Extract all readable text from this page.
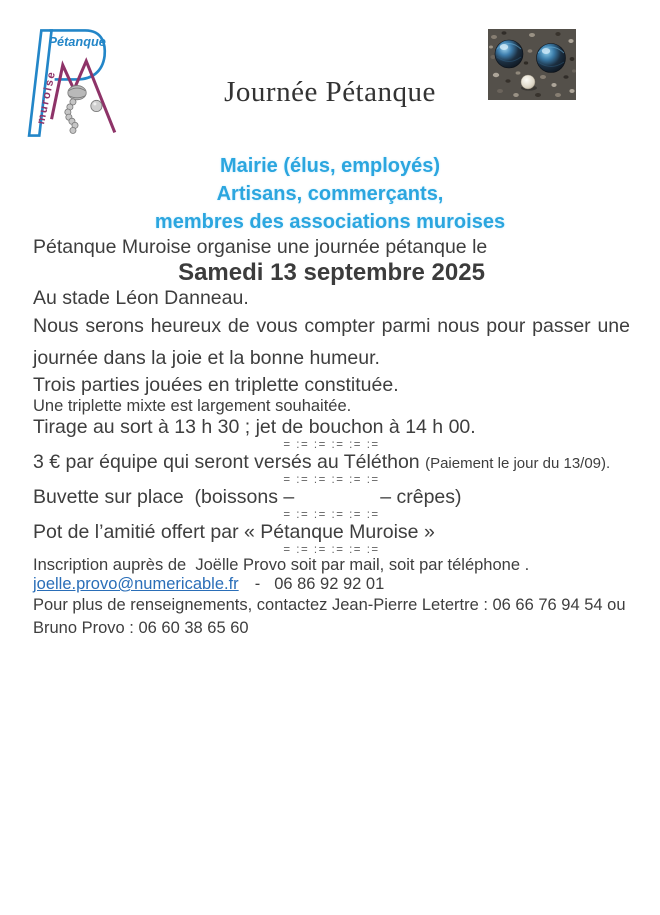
Pétanque
muroise	Journée Pétanque
Mairie (élus, employés)
Artisans, commerçants,
membres des associations muroises

Pétanque Muroise organise une journée pétanque le

Samedi 13 septembre 2025

Au stade Léon Danneau.

Nous serons heureux de vous compter parmi nous pour passer une journée dans la joie et la bonne humeur.

Trois parties jouées en triplette constituée.

Une triplette mixte est largement souhaitée.

Tirage au sort à 13 h 30 ; jet de bouchon à 14 h 00.

= := := := := :=

3 € par équipe qui seront versés au Téléthon (Paiement le jour du 13/09).

= := := := := :=

Buvette sur place  (boissons –	– crêpes)

= := := := := :=

Pot de l’amitié offert par « Pétanque Muroise »

= := := := := :=

Inscription auprès de  Joëlle Provo soit par mail, soit par téléphone .

joelle.provo@numericable.fr - 06 86 92 92 01

Pour plus de renseignements, contactez Jean-Pierre Letertre : 06 66 76 94 54 ou
Bruno Provo : 06 60 38 65 60
